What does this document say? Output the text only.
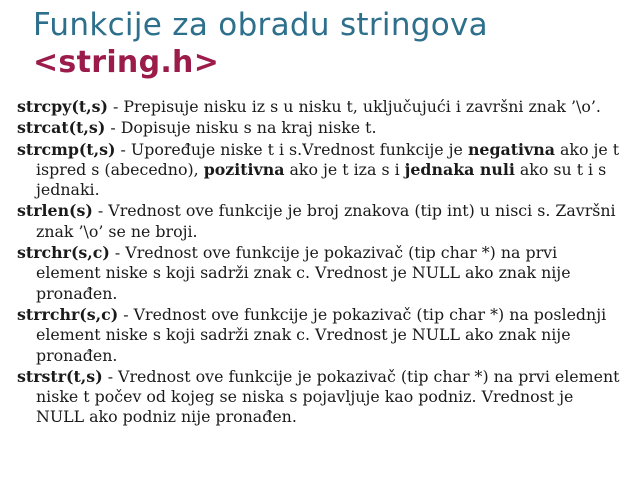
Funkcije za obradu stringova
<string.h>

strcpy(t,s) - Prepisuje nisku iz s u nisku t, uključujući i završni znak ’\o’.

strcat(t,s) - Dopisuje nisku s na kraj niske t.

strcmp(t,s) - Upoređuje niske t i s.Vrednost funkcije je negativna ako je t ispred s (abecedno), pozitivna ako je t iza s i jednaka nuli ako su t i s jednaki.

strlen(s) - Vrednost ove funkcije je broj znakova (tip int) u nisci s. Završni znak ’\o’ se ne broji.

strchr(s,c) - Vrednost ove funkcije je pokazivač (tip char *) na prvi element niske s koji sadrži znak c. Vrednost je NULL ako znak nije pronađen.

strrchr(s,c) - Vrednost ove funkcije je pokazivač (tip char *) na poslednji element niske s koji sadrži znak c. Vrednost je NULL ako znak nije pronađen.

strstr(t,s) - Vrednost ove funkcije je pokazivač (tip char *) na prvi element niske t počev od kojeg se niska s pojavljuje kao podniz. Vrednost je NULL ako podniz nije pronađen.
